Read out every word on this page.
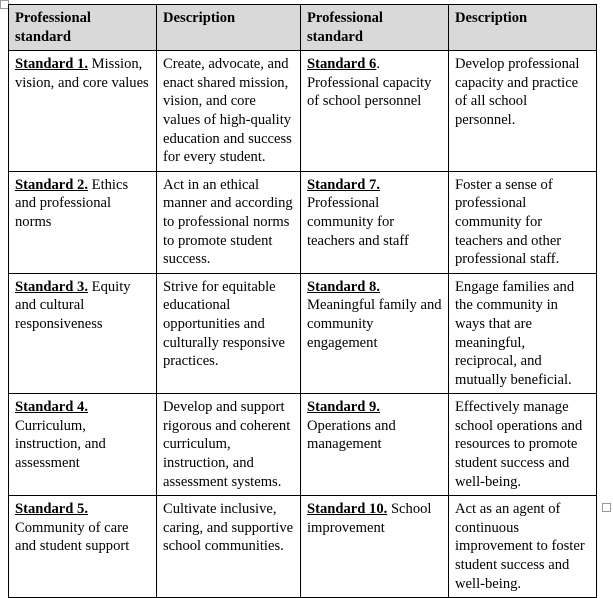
Professional standard	Description	Professional standard	Description
Standard 1. Mission, vision, and core values	Create, advocate, and enact shared mission, vision, and core values of high-quality education and success for every student.	Standard 6. Professional capacity of school personnel	Develop professional capacity and practice of all school personnel.
Standard 2. Ethics and professional norms	Act in an ethical manner and according to professional norms to promote student success.	Standard 7. Professional community for teachers and staff	Foster a sense of professional community for teachers and other professional staff.
Standard 3. Equity and cultural responsiveness	Strive for equitable educational opportunities and culturally responsive practices.	Standard 8. Meaningful family and community engagement	Engage families and the community in ways that are meaningful, reciprocal, and mutually beneficial.
Standard 4. Curriculum, instruction, and assessment	Develop and support rigorous and coherent curriculum, instruction, and assessment systems.	Standard 9. Operations and management	Effectively manage school operations and resources to promote student success and well-being.
Standard 5. Community of care and student support	Cultivate inclusive, caring, and supportive school communities.	Standard 10. School improvement	Act as an agent of continuous improvement to foster student success and well-being.
